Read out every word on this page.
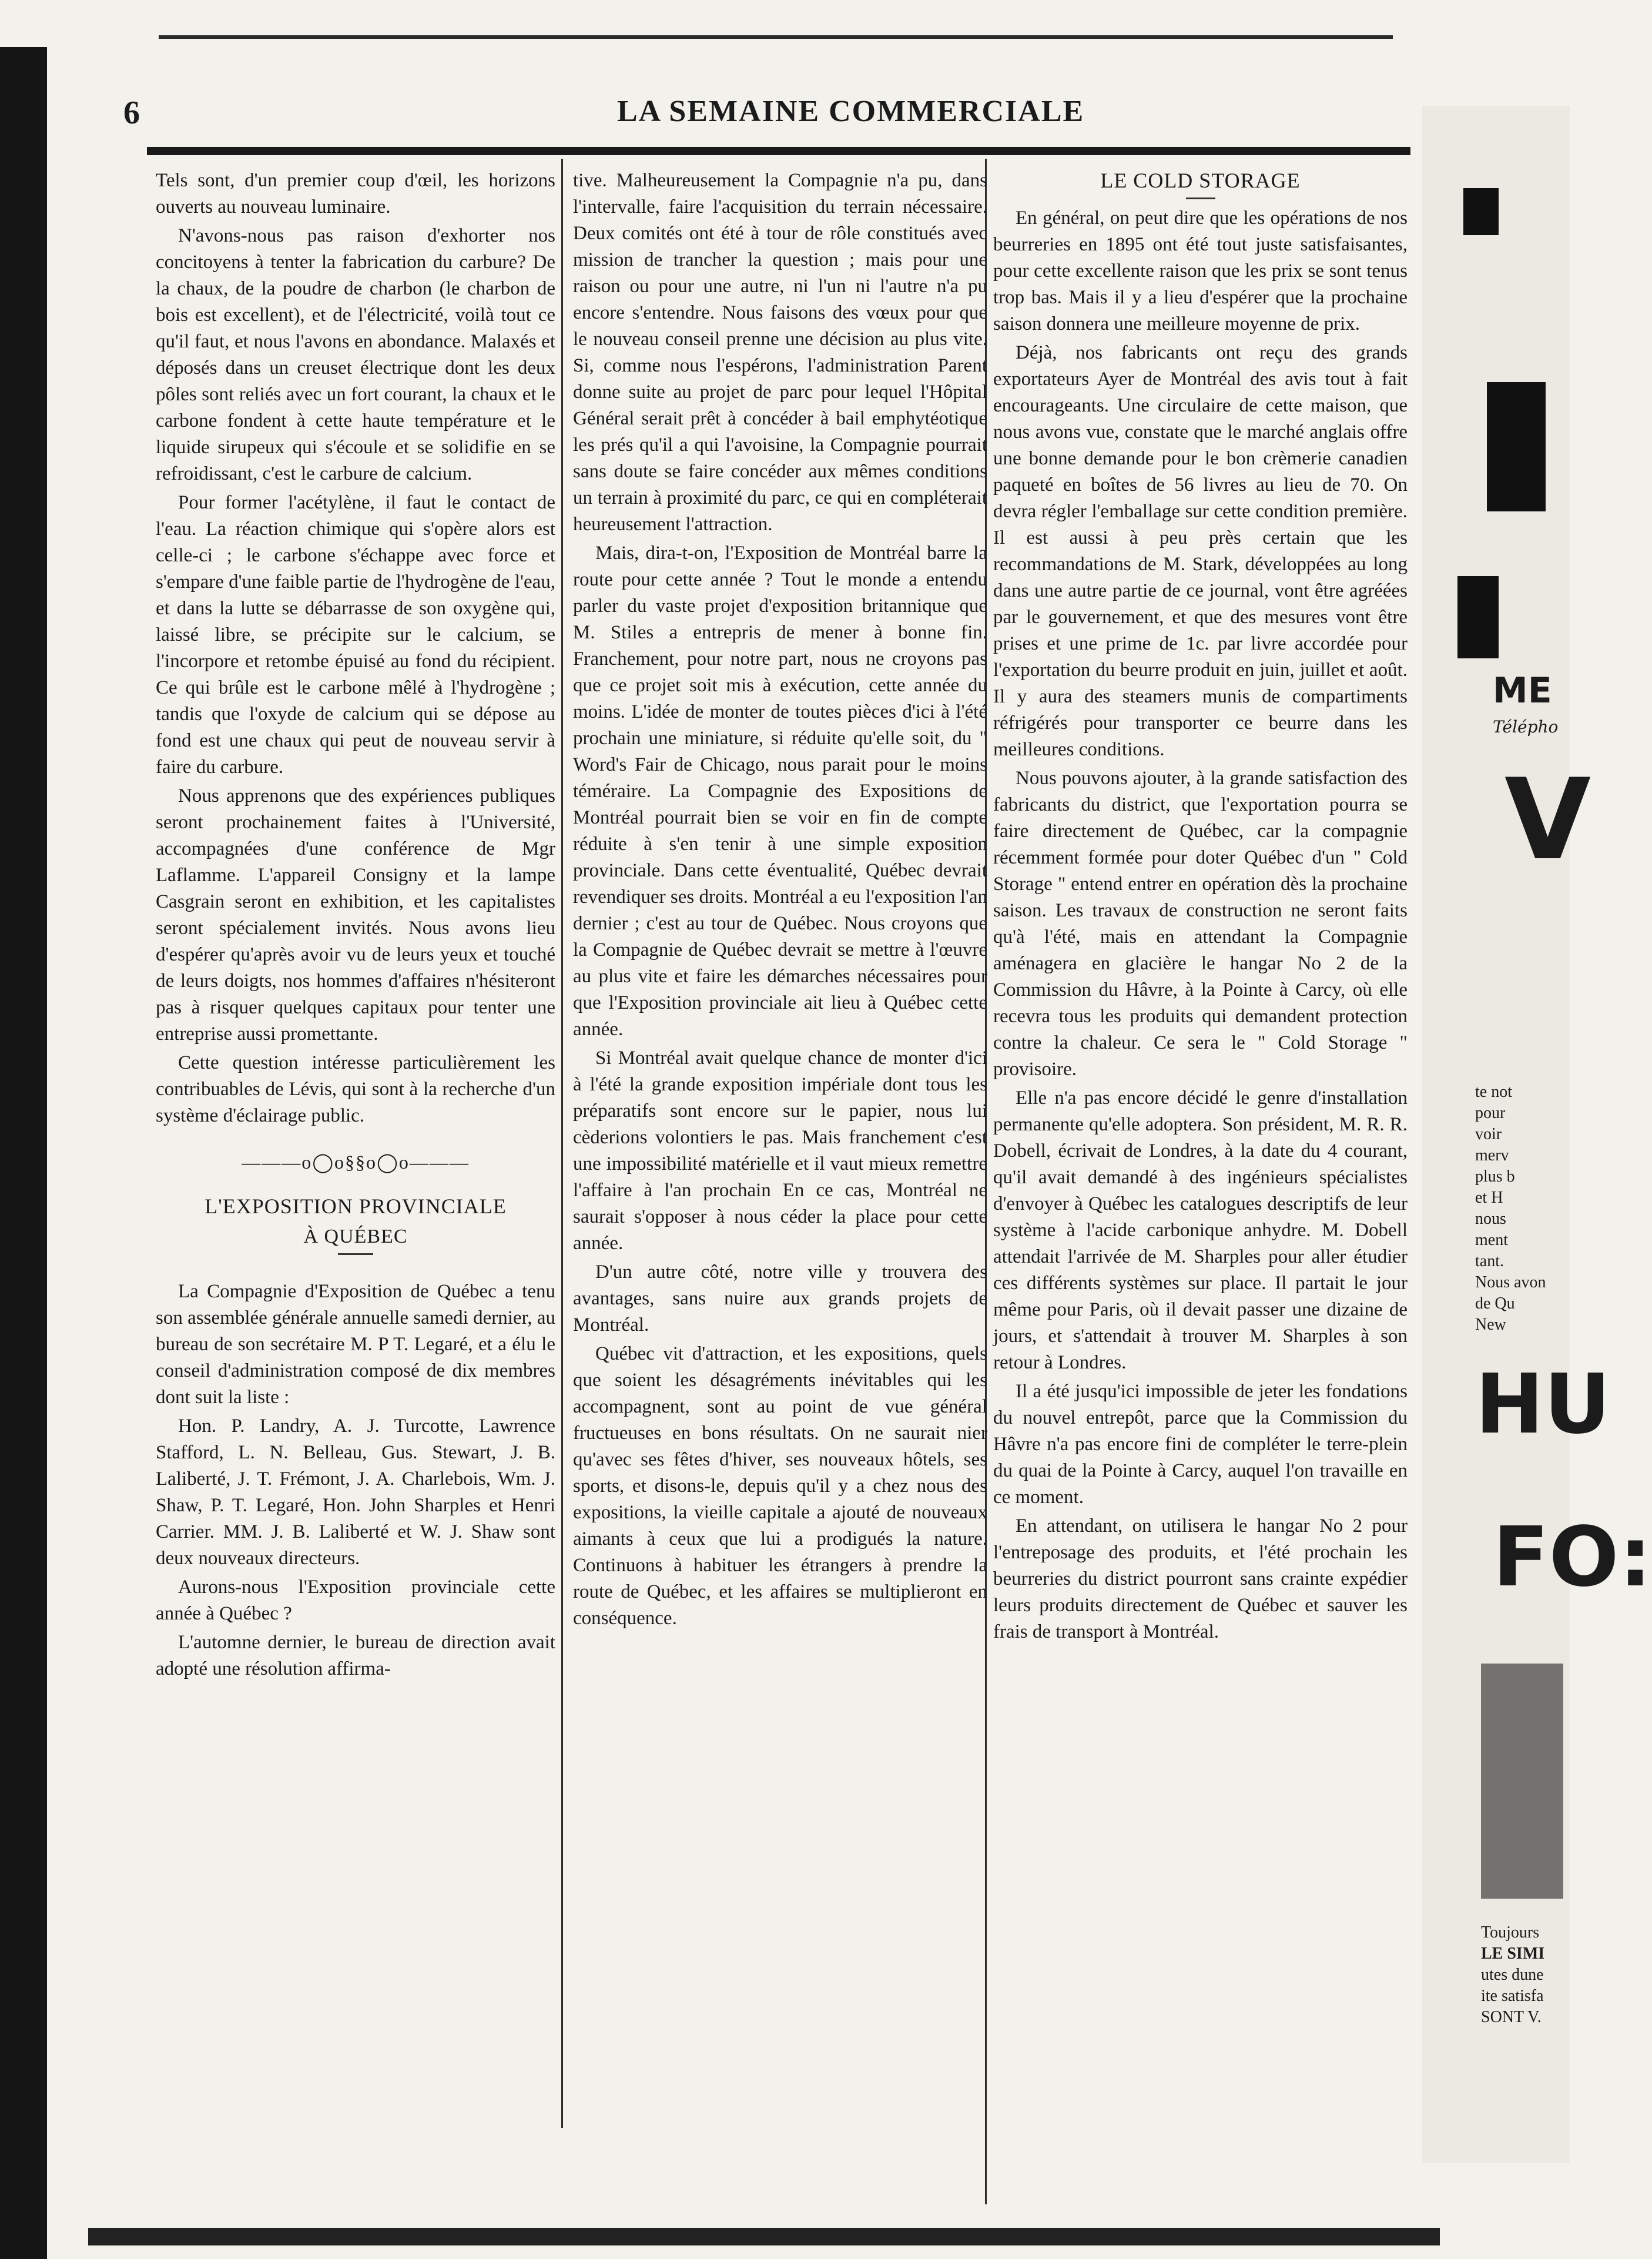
6	LA SEMAINE COMMERCIALE

Tels sont, d'un premier coup d'œil, les horizons ouverts au nouveau luminaire.

N'avons-nous pas raison d'exhorter nos concitoyens à tenter la fabrication du carbure? De la chaux, de la poudre de charbon (le charbon de bois est excellent), et de l'électricité, voilà tout ce qu'il faut, et nous l'avons en abondance. Malaxés et déposés dans un creuset électrique dont les deux pôles sont reliés avec un fort courant, la chaux et le carbone fondent à cette haute température et le liquide sirupeux qui s'écoule et se solidifie en se refroidissant, c'est le carbure de calcium.

Pour former l'acétylène, il faut le contact de l'eau. La réaction chimique qui s'opère alors est celle-ci ; le carbone s'échappe avec force et s'empare d'une faible partie de l'hydrogène de l'eau, et dans la lutte se débarrasse de son oxygène qui, laissé libre, se précipite sur le calcium, se l'incorpore et retombe épuisé au fond du récipient. Ce qui brûle est le carbone mêlé à l'hydrogène ; tandis que l'oxyde de calcium qui se dépose au fond est une chaux qui peut de nouveau servir à faire du carbure.

Nous apprenons que des expériences publiques seront prochainement faites à l'Université, accompagnées d'une conférence de Mgr Laflamme. L'appareil Consigny et la lampe Casgrain seront en exhibition, et les capitalistes seront spécialement invités. Nous avons lieu d'espérer qu'après avoir vu de leurs yeux et touché de leurs doigts, nos hommes d'affaires n'hésiteront pas à risquer quelques capitaux pour tenter une entreprise aussi promettante.

Cette question intéresse particulièrement les contribuables de Lévis, qui sont à la recherche d'un système d'éclairage public.

———o◯o§§o◯o———
L'EXPOSITION PROVINCIALE
À QUÉBEC

La Compagnie d'Exposition de Québec a tenu son assemblée générale annuelle samedi dernier, au bureau de son secrétaire M. P T. Legaré, et a élu le conseil d'administration composé de dix membres dont suit la liste :

Hon. P. Landry, A. J. Turcotte, Lawrence Stafford, L. N. Belleau, Gus. Stewart, J. B. Laliberté, J. T. Frémont, J. A. Charlebois, Wm. J. Shaw, P. T. Legaré, Hon. John Sharples et Henri Carrier. MM. J. B. Laliberté et W. J. Shaw sont deux nouveaux directeurs.

Aurons-nous l'Exposition provinciale cette année à Québec ?

L'automne dernier, le bureau de direction avait adopté une résolution affirma-

tive. Malheureusement la Compagnie n'a pu, dans l'intervalle, faire l'acquisition du terrain nécessaire. Deux comités ont été à tour de rôle constitués avec mission de trancher la question ; mais pour une raison ou pour une autre, ni l'un ni l'autre n'a pu encore s'entendre. Nous faisons des vœux pour que le nouveau conseil prenne une décision au plus vite. Si, comme nous l'espérons, l'administration Parent donne suite au projet de parc pour lequel l'Hôpital Général serait prêt à concéder à bail emphytéotique les prés qu'il a qui l'avoisine, la Compagnie pourrait sans doute se faire concéder aux mêmes conditions un terrain à proximité du parc, ce qui en compléterait heureusement l'attraction.

Mais, dira-t-on, l'Exposition de Montréal barre la route pour cette année ? Tout le monde a entendu parler du vaste projet d'exposition britannique que M. Stiles a entrepris de mener à bonne fin. Franchement, pour notre part, nous ne croyons pas que ce projet soit mis à exécution, cette année du moins. L'idée de monter de toutes pièces d'ici à l'été prochain une miniature, si réduite qu'elle soit, du " Word's Fair de Chicago, nous parait pour le moins téméraire. La Compagnie des Expositions de Montréal pourrait bien se voir en fin de compte réduite à s'en tenir à une simple exposition provinciale. Dans cette éventualité, Québec devrait revendiquer ses droits. Montréal a eu l'exposition l'an dernier ; c'est au tour de Québec. Nous croyons que la Compagnie de Québec devrait se mettre à l'œuvre au plus vite et faire les démarches nécessaires pour que l'Exposition provinciale ait lieu à Québec cette année.

Si Montréal avait quelque chance de monter d'ici à l'été la grande exposition impériale dont tous les préparatifs sont encore sur le papier, nous lui cèderions volontiers le pas. Mais franchement c'est une impossibilité matérielle et il vaut mieux remettre l'affaire à l'an prochain En ce cas, Montréal ne saurait s'opposer à nous céder la place pour cette année.

D'un autre côté, notre ville y trouvera des avantages, sans nuire aux grands projets de Montréal.

Québec vit d'attraction, et les expositions, quels que soient les désagréments inévitables qui les accompagnent, sont au point de vue général fructueuses en bons résultats. On ne saurait nier qu'avec ses fêtes d'hiver, ses nouveaux hôtels, ses sports, et disons-le, depuis qu'il y a chez nous des expositions, la vieille capitale a ajouté de nouveaux aimants à ceux que lui a prodigués la nature. Continuons à habituer les étrangers à prendre la route de Québec, et les affaires se multiplieront en conséquence.

LE COLD STORAGE

En général, on peut dire que les opérations de nos beurreries en 1895 ont été tout juste satisfaisantes, pour cette excellente raison que les prix se sont tenus trop bas. Mais il y a lieu d'espérer que la prochaine saison donnera une meilleure moyenne de prix.

Déjà, nos fabricants ont reçu des grands exportateurs Ayer de Montréal des avis tout à fait encourageants. Une circulaire de cette maison, que nous avons vue, constate que le marché anglais offre une bonne demande pour le bon crèmerie canadien paqueté en boîtes de 56 livres au lieu de 70. On devra régler l'emballage sur cette condition première. Il est aussi à peu près certain que les recommandations de M. Stark, développées au long dans une autre partie de ce journal, vont être agréées par le gouvernement, et que des mesures vont être prises et une prime de 1c. par livre accordée pour l'exportation du beurre produit en juin, juillet et août. Il y aura des steamers munis de compartiments réfrigérés pour transporter ce beurre dans les meilleures conditions.

Nous pouvons ajouter, à la grande satisfaction des fabricants du district, que l'exportation pourra se faire directement de Québec, car la compagnie récemment formée pour doter Québec d'un " Cold Storage " entend entrer en opération dès la prochaine saison. Les travaux de construction ne seront faits qu'à l'été, mais en attendant la Compagnie aménagera en glacière le hangar No 2 de la Commission du Hâvre, à la Pointe à Carcy, où elle recevra tous les produits qui demandent protection contre la chaleur. Ce sera le " Cold Storage " provisoire.

Elle n'a pas encore décidé le genre d'installation permanente qu'elle adoptera. Son président, M. R. R. Dobell, écrivait de Londres, à la date du 4 courant, qu'il avait demandé à des ingénieurs spécialistes d'envoyer à Québec les catalogues descriptifs de leur système à l'acide carbonique anhydre. M. Dobell attendait l'arrivée de M. Sharples pour aller étudier ces différents systèmes sur place. Il partait le jour même pour Paris, où il devait passer une dizaine de jours, et s'attendait à trouver M. Sharples à son retour à Londres.

Il a été jusqu'ici impossible de jeter les fondations du nouvel entrepôt, parce que la Commission du Hâvre n'a pas encore fini de compléter le terre-plein du quai de la Pointe à Carcy, auquel l'on travaille en ce moment.

En attendant, on utilisera le hangar No 2 pour l'entreposage des produits, et l'été prochain les beurreries du district pourront sans crainte expédier leurs produits directement de Québec et sauver les frais de transport à Montréal.

ME
Télépho
V
te not
pour
voir
merv
plus b
et H
nous
ment
tant.
Nous avon
de Qu
New
HU
FO:
Toujours
LE SIMI
utes dune
ite satisfa
SONT V.
